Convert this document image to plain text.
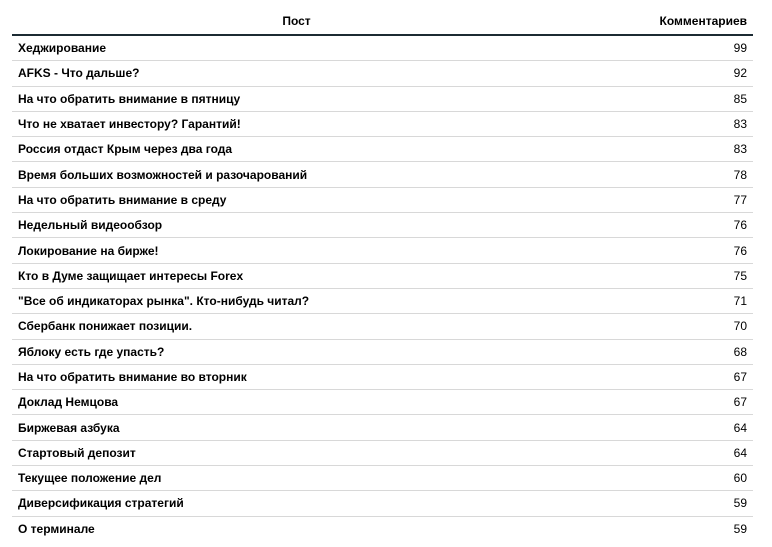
Пост	Комментариев
Хеджирование	99
AFKS - Что дальше?	92
На что обратить внимание в пятницу	85
Что не хватает инвестору? Гарантий!	83
Россия отдаст Крым через два года	83
Время больших возможностей и разочарований	78
На что обратить внимание в среду	77
Недельный видеообзор	76
Локирование на бирже!	76
Кто в Думе защищает интересы Forex	75
"Все об индикаторах рынка". Кто-нибудь читал?	71
Сбербанк понижает позиции.	70
Яблоку есть где упасть?	68
На что обратить внимание во вторник	67
Доклад Немцова	67
Биржевая азбука	64
Стартовый депозит	64
Текущее положение дел	60
Диверсификация стратегий	59
О терминале	59
